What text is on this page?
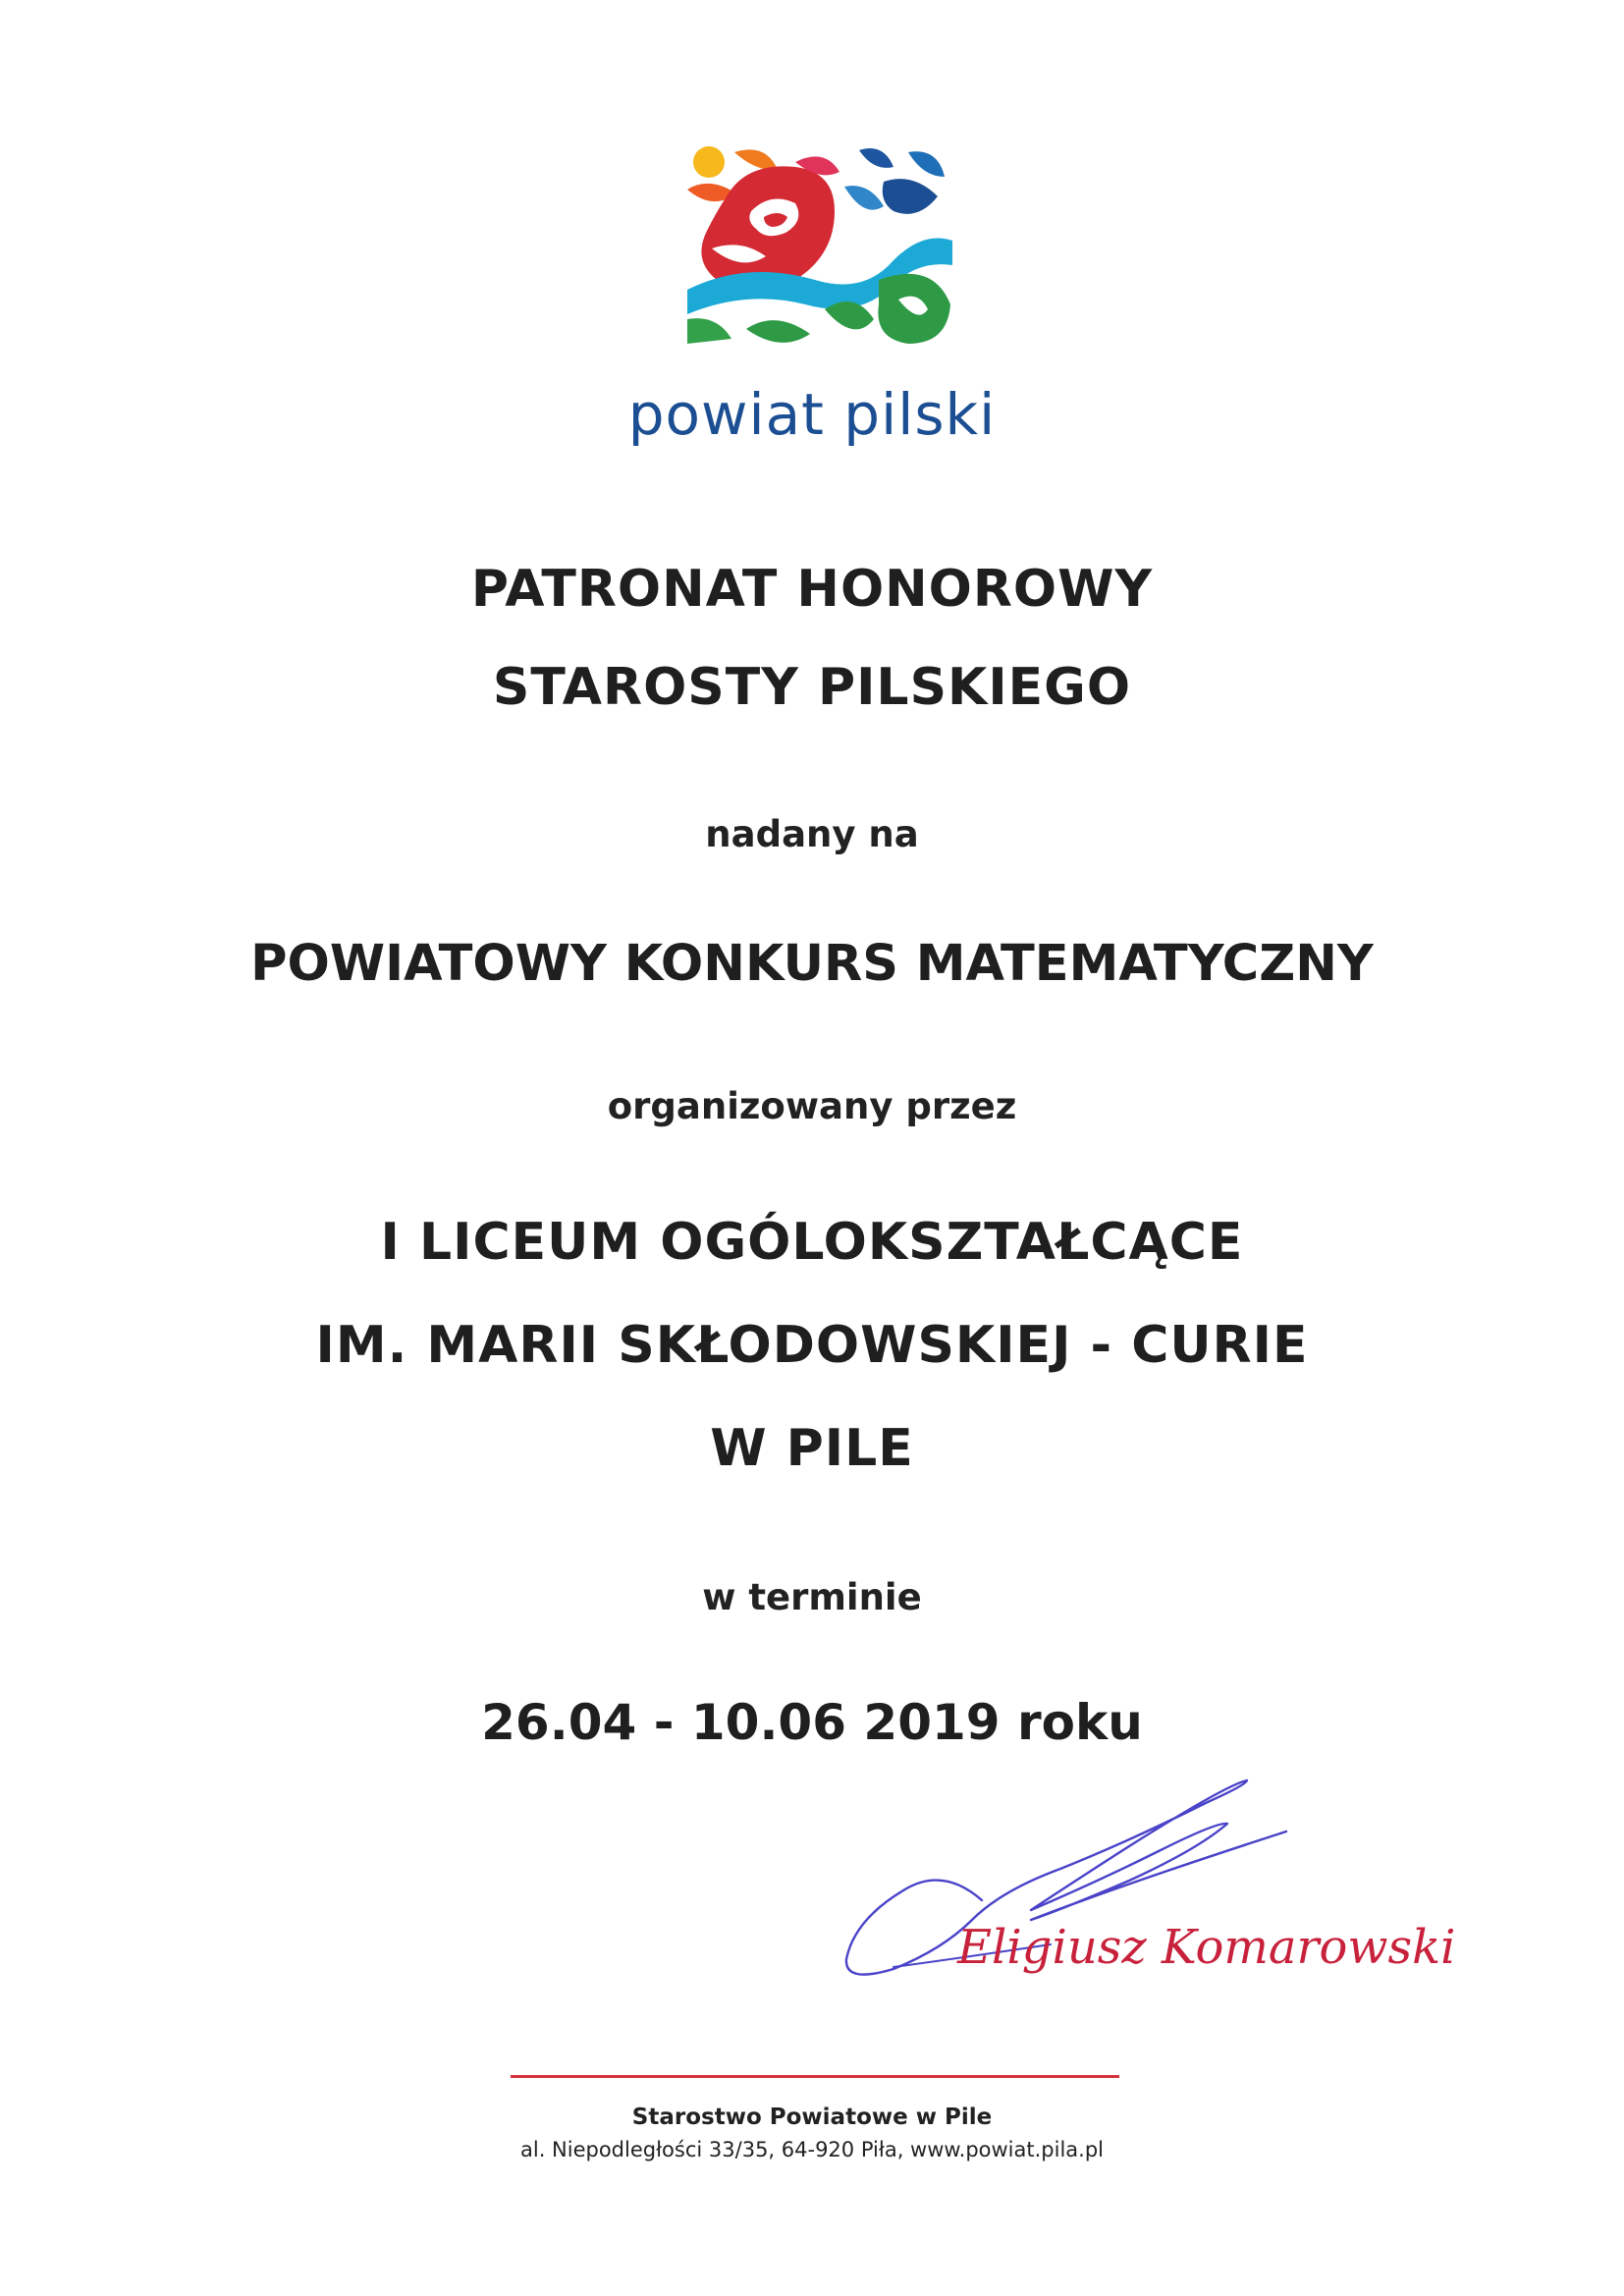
powiat pilski
PATRONAT HONOROWY
STAROSTY PILSKIEGO
nadany na
POWIATOWY KONKURS MATEMATYCZNY
organizowany przez
I LICEUM OGÓLOKSZTAŁCĄCE
IM. MARII SKŁODOWSKIEJ - CURIE
W PILE
w terminie
26.04 - 10.06 2019 roku
Eligiusz Komarowski
Starostwo Powiatowe w Pile
al. Niepodległości 33/35, 64-920 Piła, www.powiat.pila.pl
